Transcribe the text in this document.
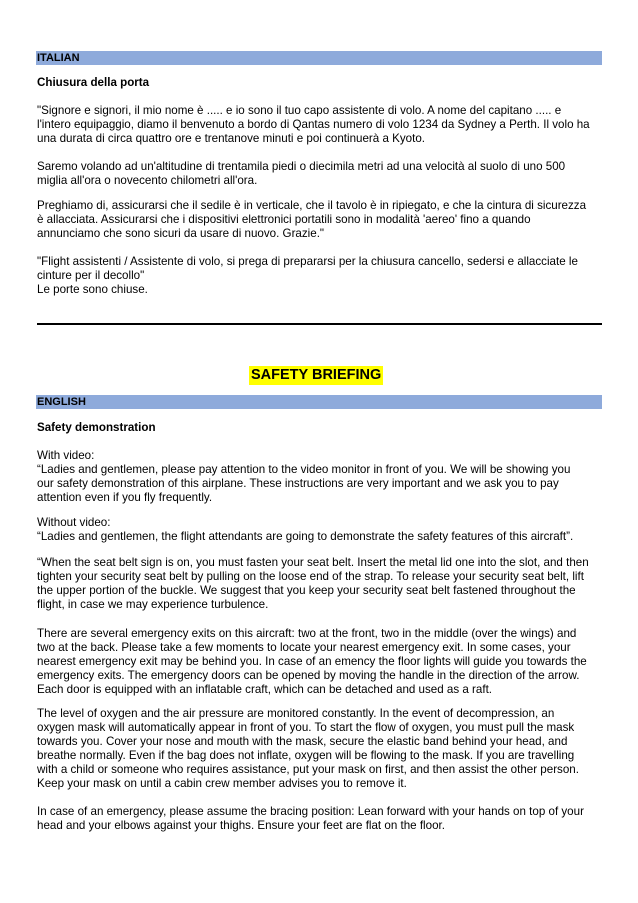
ITALIAN
Chiusura della porta
"Signore e signori, il mio nome è ..... e io sono il tuo capo assistente di volo. A nome del capitano ..... e
l'intero equipaggio, diamo il benvenuto a bordo di Qantas numero di volo 1234 da Sydney a Perth. Il volo ha
una durata di circa quattro ore e trentanove minuti e poi continuerà a Kyoto.
Saremo volando ad un'altitudine di trentamila piedi o diecimila metri ad una velocità al suolo di uno 500
miglia all'ora o novecento chilometri all'ora.
Preghiamo di, assicurarsi che il sedile è in verticale, che il tavolo è in ripiegato, e che la cintura di sicurezza
è allacciata. Assicurarsi che i dispositivi elettronici portatili sono in modalità 'aereo' fino a quando
annunciamo che sono sicuri da usare di nuovo. Grazie."
"Flight assistenti / Assistente di volo, si prega di prepararsi per la chiusura cancello, sedersi e allacciate le
cinture per il decollo"
Le porte sono chiuse.
SAFETY BRIEFING
ENGLISH
Safety demonstration
With video:
“Ladies and gentlemen, please pay attention to the video monitor in front of you. We will be showing you
our safety demonstration of this airplane. These instructions are very important and we ask you to pay
attention even if you fly frequently.
Without video:
“Ladies and gentlemen, the flight attendants are going to demonstrate the safety features of this aircraft”.
“When the seat belt sign is on, you must fasten your seat belt. Insert the metal lid one into the slot, and then
tighten your security seat belt by pulling on the loose end of the strap. To release your security seat belt, lift
the upper portion of the buckle. We suggest that you keep your security seat belt fastened throughout the
flight, in case we may experience turbulence.
There are several emergency exits on this aircraft: two at the front, two in the middle (over the wings) and
two at the back. Please take a few moments to locate your nearest emergency exit. In some cases, your
nearest emergency exit may be behind you. In case of an emency the floor lights will guide you towards the
emergency exits. The emergency doors can be opened by moving the handle in the direction of the arrow.
Each door is equipped with an inflatable craft, which can be detached and used as a raft.
The level of oxygen and the air pressure are monitored constantly. In the event of decompression, an
oxygen mask will automatically appear in front of you. To start the flow of oxygen, you must pull the mask
towards you. Cover your nose and mouth with the mask, secure the elastic band behind your head, and
breathe normally. Even if the bag does not inflate, oxygen will be flowing to the mask. If you are travelling
with a child or someone who requires assistance, put your mask on first, and then assist the other person.
Keep your mask on until a cabin crew member advises you to remove it.
In case of an emergency, please assume the bracing position: Lean forward with your hands on top of your
head and your elbows against your thighs. Ensure your feet are flat on the floor.
